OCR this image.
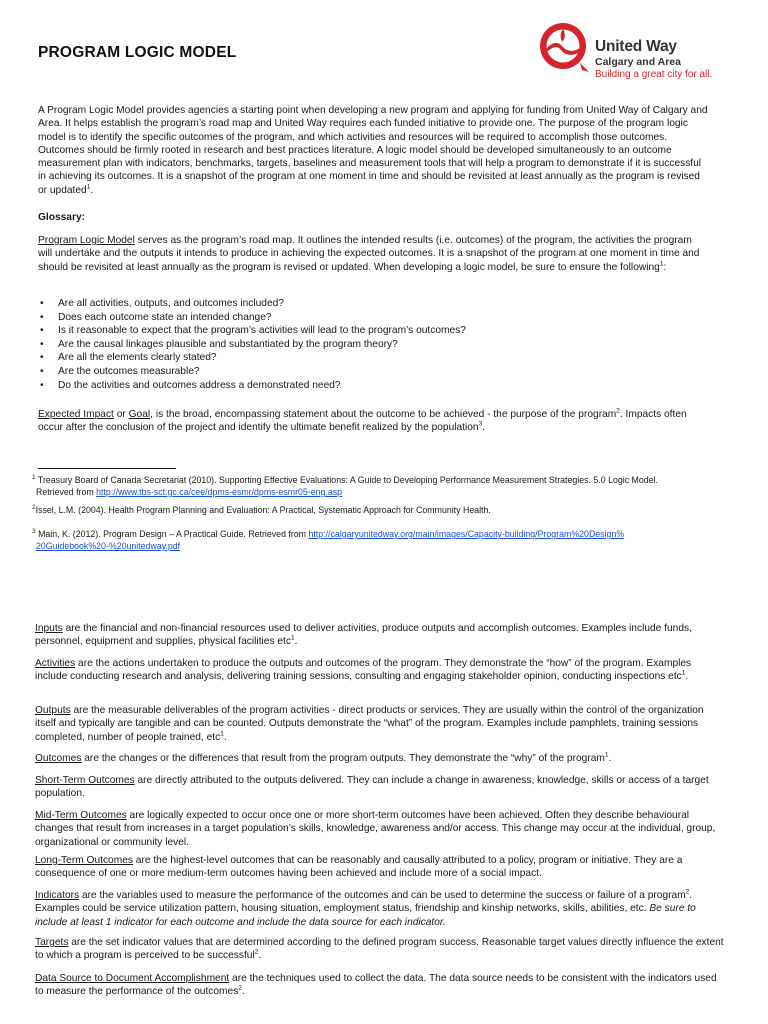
PROGRAM LOGIC MODEL	United Way
Calgary and Area
Building a great city for all.

A Program Logic Model provides agencies a starting point when developing a new program and applying for funding from United Way of Calgary and Area. It helps establish the program’s road map and United Way requires each funded initiative to provide one. The purpose of the program logic model is to identify the specific outcomes of the program, and which activities and resources will be required to accomplish those outcomes. Outcomes should be firmly rooted in research and best practices literature. A logic model should be developed simultaneously to an outcome measurement plan with indicators, benchmarks, targets, baselines and measurement tools that will help a program to demonstrate if it is successful in achieving its outcomes. It is a snapshot of the program at one moment in time and should be revisited at least annually as the program is revised or updated$^1$.

Glossary:

Program Logic Model serves as the program’s road map. It outlines the intended results (i.e. outcomes) of the program, the activities the program will undertake and the outputs it intends to produce in achieving the expected outcomes. It is a snapshot of the program at one moment in time and should be revisited at least annually as the program is revised or updated. When developing a logic model, be sure to ensure the following$^1$:

• Are all activities, outputs, and outcomes included?
• Does each outcome state an intended change?
• Is it reasonable to expect that the program’s activities will lead to the program’s outcomes?
• Are the causal linkages plausible and substantiated by the program theory?
• Are all the elements clearly stated?
• Are the outcomes measurable?
• Do the activities and outcomes address a demonstrated need?

Expected Impact or Goal, is the broad, encompassing statement about the outcome to be achieved - the purpose of the program$^2$. Impacts often occur after the conclusion of the project and identify the ultimate benefit realized by the population$^3$.

$^1$ Treasury Board of Canada Secretariat (2010). Supporting Effective Evaluations: A Guide to Developing Performance Measurement Strategies. 5.0 Logic Model.
Retrieved from http://www.tbs-sct.gc.ca/cee/dpms-esmr/dpms-esmr05-eng.asp

$^2$Issel, L.M. (2004). Health Program Planning and Evaluation: A Practical, Systematic Approach for Community Health.

$^3$ Main, K. (2012). Program Design – A Practical Guide. Retrieved from http://calgaryunitedway.org/main/images/Capacity-building/Program%20Design%
20Guidebook%20-%20unitedway.pdf

Inputs are the financial and non-financial resources used to deliver activities, produce outputs and accomplish outcomes. Examples include funds, personnel, equipment and supplies, physical facilities etc$^1$.

Activities are the actions undertaken to produce the outputs and outcomes of the program. They demonstrate the “how” of the program. Examples include conducting research and analysis, delivering training sessions, consulting and engaging stakeholder opinion, conducting inspections etc$^1$.

Outputs are the measurable deliverables of the program activities - direct products or services. They are usually within the control of the organization itself and typically are tangible and can be counted. Outputs demonstrate the “what” of the program. Examples include pamphlets, training sessions completed, number of people trained, etc$^1$.

Outcomes are the changes or the differences that result from the program outputs. They demonstrate the “why” of the program$^1$.

Short-Term Outcomes are directly attributed to the outputs delivered. They can include a change in awareness, knowledge, skills or access of a target population.

Mid-Term Outcomes are logically expected to occur once one or more short-term outcomes have been achieved. Often they describe behavioural changes that result from increases in a target population’s skills, knowledge, awareness and/or access. This change may occur at the individual, group, organizational or community level.

Long-Term Outcomes are the highest-level outcomes that can be reasonably and causally attributed to a policy, program or initiative. They are a consequence of one or more medium-term outcomes having been achieved and include more of a social impact.

Indicators are the variables used to measure the performance of the outcomes and can be used to determine the success or failure of a program$^2$. Examples could be service utilization pattern, housing situation, employment status, friendship and kinship networks, skills, abilities, etc. Be sure to include at least 1 indicator for each outcome and include the data source for each indicator.

Targets are the set indicator values that are determined according to the defined program success. Reasonable target values directly influence the extent to which a program is perceived to be successful$^2$.

Data Source to Document Accomplishment are the techniques used to collect the data. The data source needs to be consistent with the indicators used to measure the performance of the outcomes$^2$.
